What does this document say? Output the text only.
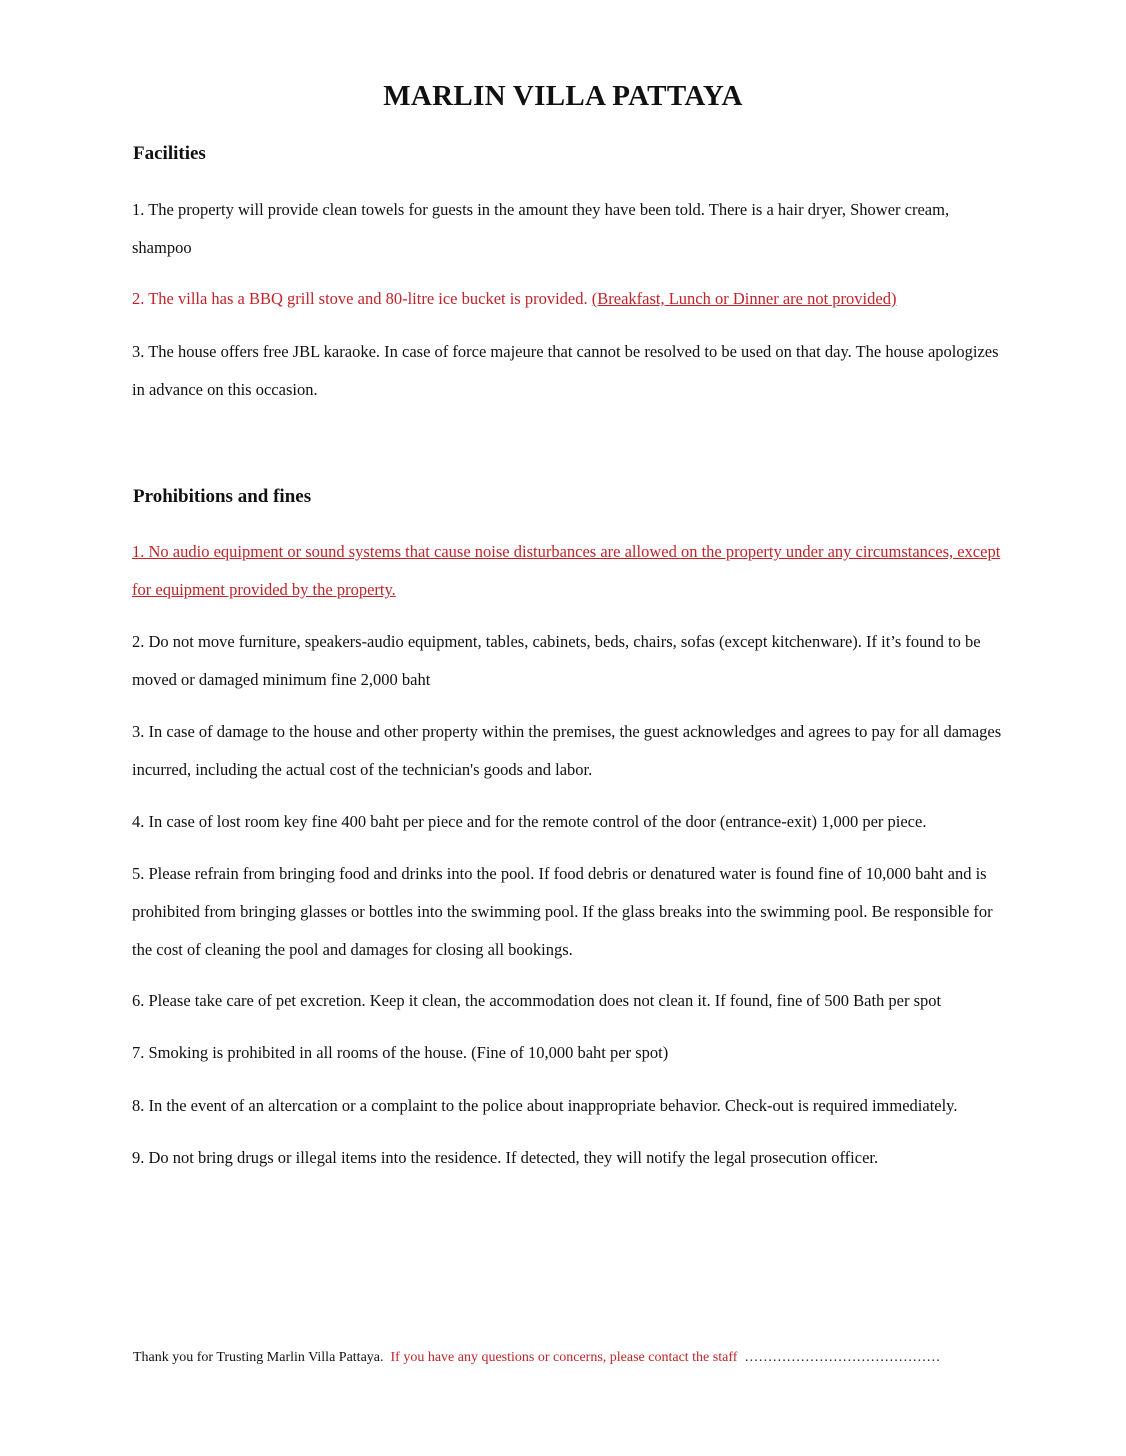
MARLIN VILLA PATTAYA
Facilities

1. The property will provide clean towels for guests in the amount they have been told. There is a hair dryer, Shower cream, shampoo

2. The villa has a BBQ grill stove and 80-litre ice bucket is provided. (Breakfast, Lunch or Dinner are not provided)

3. The house offers free JBL karaoke. In case of force majeure that cannot be resolved to be used on that day. The house apologizes in advance on this occasion.

Prohibitions and fines

1. No audio equipment or sound systems that cause noise disturbances are allowed on the property under any circumstances, except for equipment provided by the property.

2. Do not move furniture, speakers-audio equipment, tables, cabinets, beds, chairs, sofas (except kitchenware). If it’s found to be moved or damaged minimum fine 2,000 baht

3. In case of damage to the house and other property within the premises, the guest acknowledges and agrees to pay for all damages incurred, including the actual cost of the technician's goods and labor.

4. In case of lost room key fine 400 baht per piece and for the remote control of the door (entrance-exit) 1,000 per piece.

5. Please refrain from bringing food and drinks into the pool. If food debris or denatured water is found fine of 10,000 baht and is prohibited from bringing glasses or bottles into the swimming pool. If the glass breaks into the swimming pool. Be responsible for the cost of cleaning the pool and damages for closing all bookings.

6. Please take care of pet excretion. Keep it clean, the accommodation does not clean it. If found, fine of 500 Bath per spot

7. Smoking is prohibited in all rooms of the house. (Fine of 10,000 baht per spot)

8. In the event of an altercation or a complaint to the police about inappropriate behavior. Check-out is required immediately.

9. Do not bring drugs or illegal items into the residence. If detected, they will notify the legal prosecution officer.

Thank you for Trusting Marlin Villa Pattaya. If you have any questions or concerns, please contact the staff ……………………………………
